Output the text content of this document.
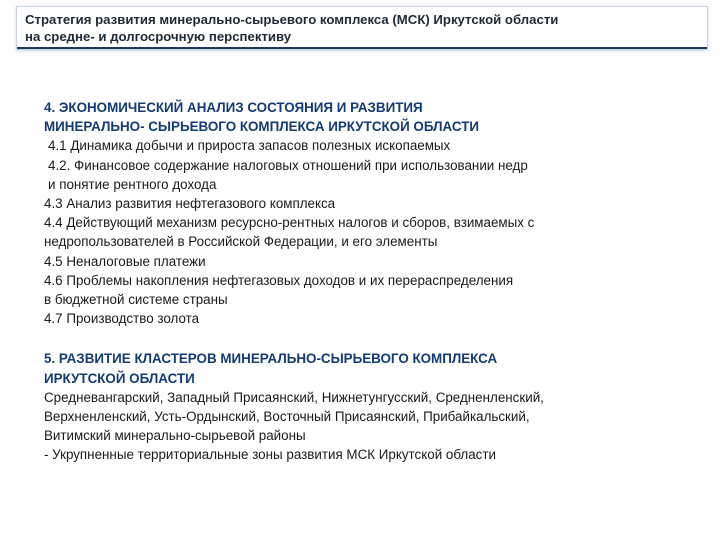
Стратегия развития минерально-сырьевого комплекса (МСК) Иркутской области
на средне- и долгосрочную перспективу

4. ЭКОНОМИЧЕСКИЙ АНАЛИЗ СОСТОЯНИЯ И РАЗВИТИЯ

МИНЕРАЛЬНО- СЫРЬЕВОГО КОМПЛЕКСА ИРКУТСКОЙ ОБЛАСТИ

4.1 Динамика добычи и прироста запасов полезных ископаемых

4.2. Финансовое содержание налоговых отношений при использовании недр

и понятие рентного дохода

4.3 Анализ развития нефтегазового комплекса

4.4 Действующий механизм ресурсно-рентных налогов и сборов, взимаемых с

недропользователей в Российской Федерации, и его элементы

4.5 Неналоговые платежи

4.6 Проблемы накопления нефтегазовых доходов и их перераспределения

в бюджетной системе страны

4.7 Производство золота

5. РАЗВИТИЕ КЛАСТЕРОВ МИНЕРАЛЬНО-СЫРЬЕВОГО КОМПЛЕКСА

ИРКУТСКОЙ ОБЛАСТИ

Средневангарский, Западный Присаянский, Нижнетунгусский, Средненленский,

Верхненленский, Усть-Ордынский, Восточный Присаянский, Прибайкальский,

Витимский минерально-сырьевой районы

- Укрупненные территориальные зоны развития МСК Иркутской области
